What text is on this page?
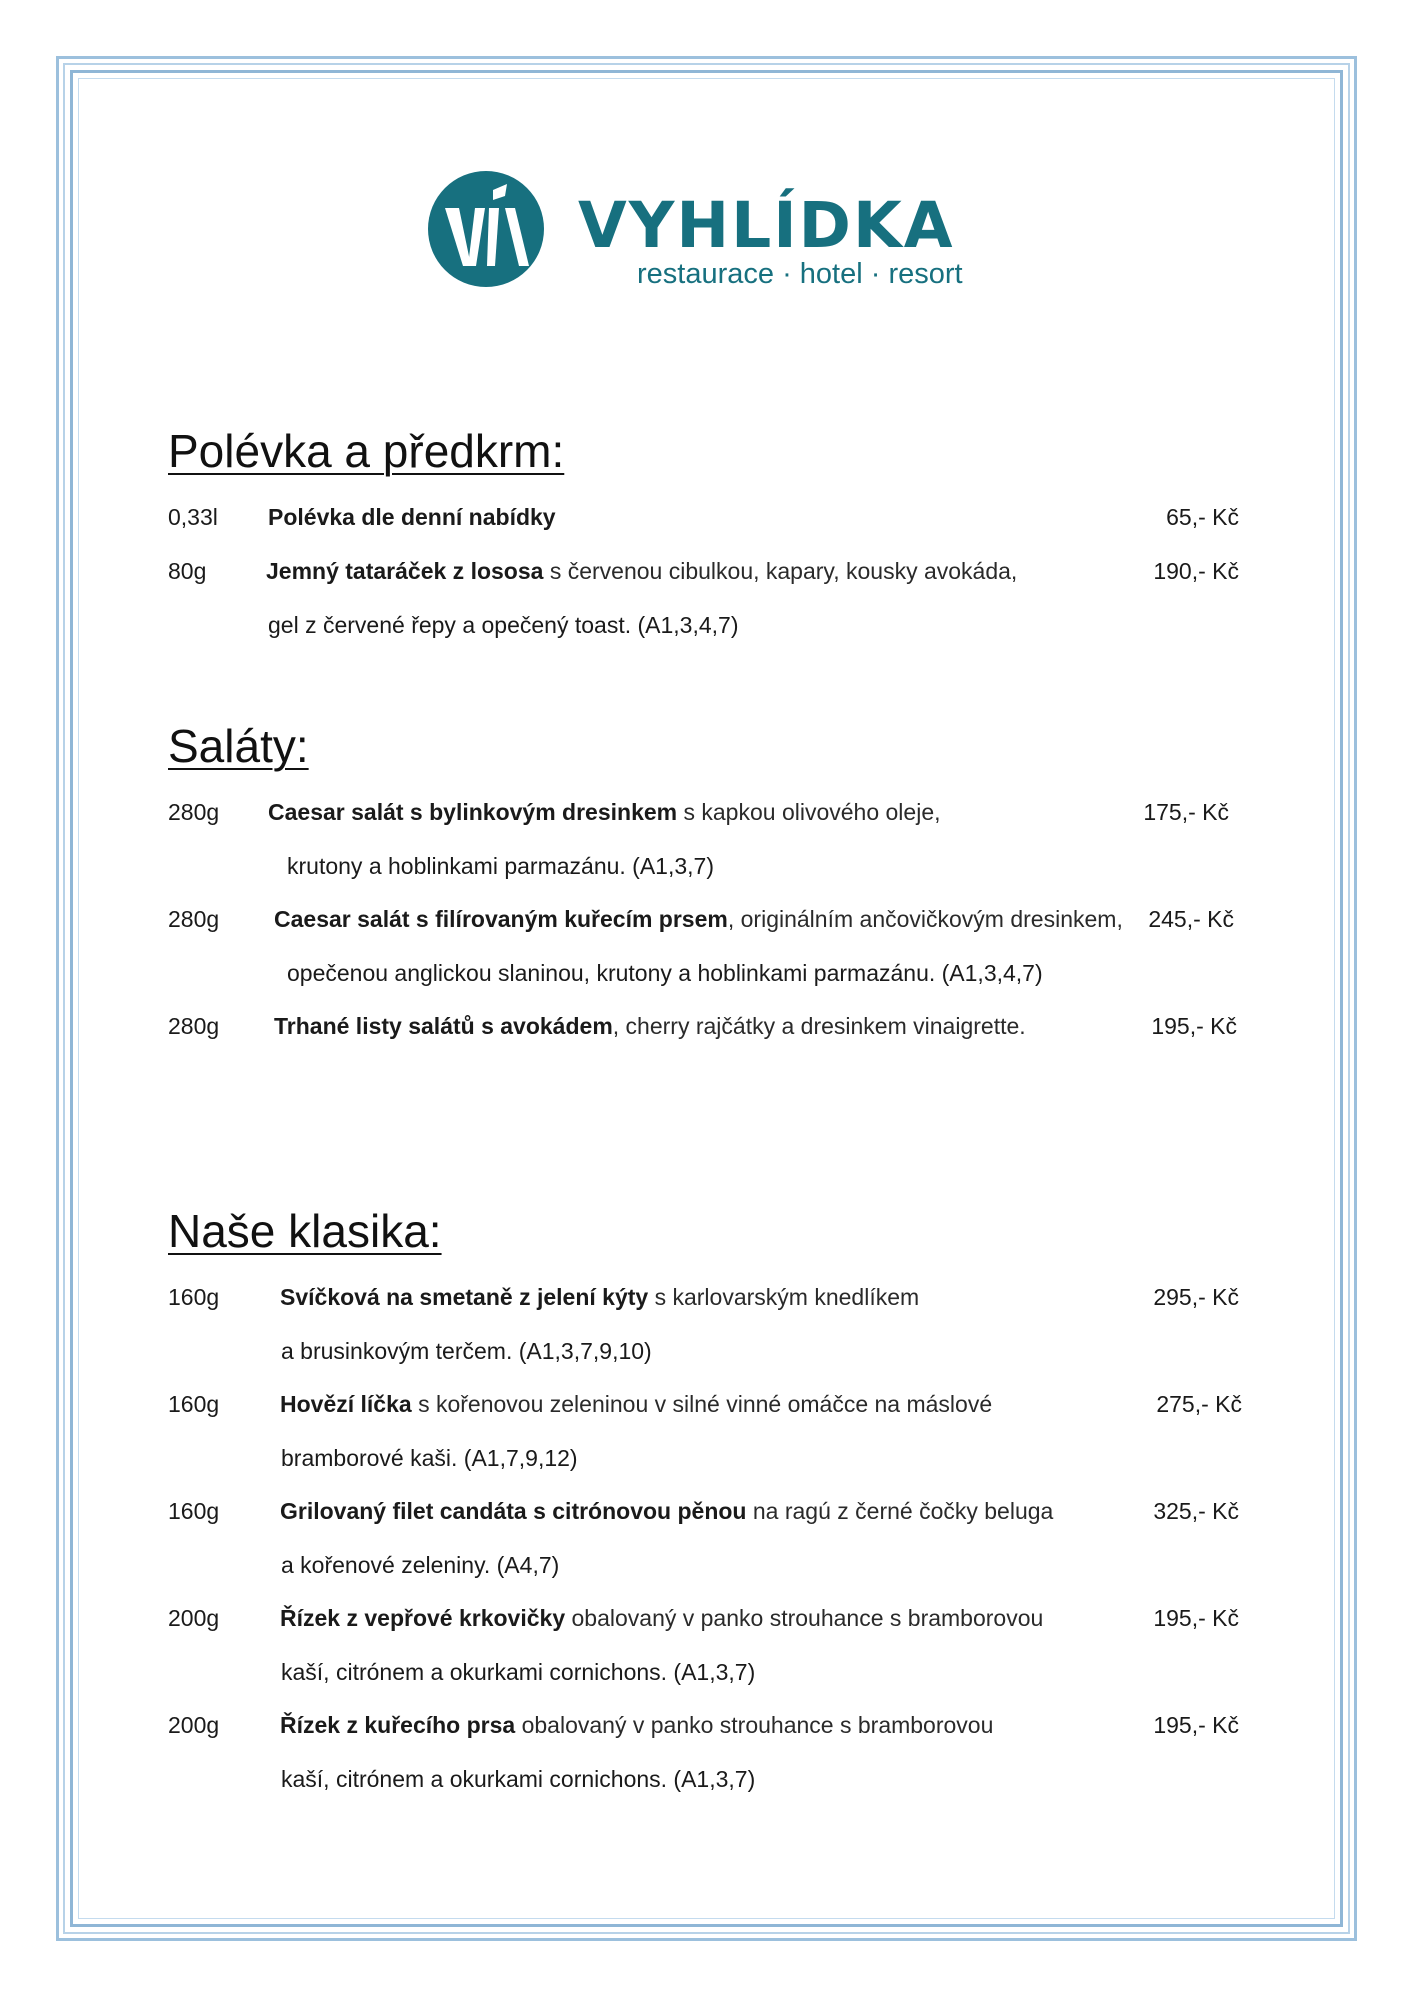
VYHLÍDKA
restaurace · hotel · resort
Polévka a předkrm:
0,33l Polévka dle denní nabídky	65,- Kč
80g	Jemný tataráček z lososa s červenou cibulkou, kapary, kousky avokáda,	190,- Kč
gel z červené řepy a opečený toast. (A1,3,4,7)
Saláty:
280g Caesar salát s bylinkovým dresinkem s kapkou olivového oleje,	175,- Kč
krutony a hoblinkami parmazánu. (A1,3,7)
280g Caesar salát s filírovaným kuřecím prsem, originálním ančovičkovým dresinkem, 245,- Kč
opečenou anglickou slaninou, krutony a hoblinkami parmazánu. (A1,3,4,7)
280g Trhané listy salátů s avokádem, cherry rajčátky a dresinkem vinaigrette.	195,- Kč
Naše klasika:
160g	Svíčková na smetaně z jelení kýty s karlovarským knedlíkem	295,- Kč
a brusinkovým terčem. (A1,3,7,9,10)
160g	Hovězí líčka s kořenovou zeleninou v silné vinné omáčce na máslové	275,- Kč
bramborové kaši. (A1,7,9,12)
160g	Grilovaný filet candáta s citrónovou pěnou na ragú z černé čočky beluga	325,- Kč
a kořenové zeleniny. (A4,7)
200g	Řízek z vepřové krkovičky obalovaný v panko strouhance s bramborovou	195,- Kč
kaší, citrónem a okurkami cornichons. (A1,3,7)
200g	Řízek z kuřecího prsa obalovaný v panko strouhance s bramborovou	195,- Kč
kaší, citrónem a okurkami cornichons. (A1,3,7)
